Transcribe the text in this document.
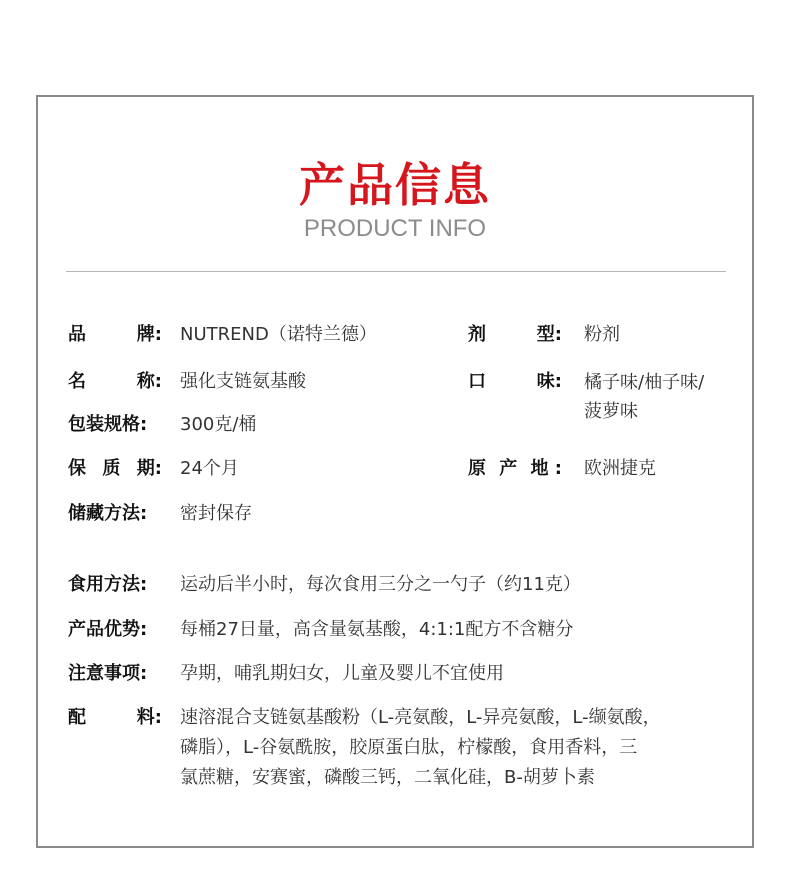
产品信息
PRODUCT INFO
品	牌: NUTREND（诺特兰德）
名	称: 强化支链氨基酸
包装规格: 300克/桶
保 质 期: 24个月
储藏方法: 密封保存
剂	型: 粉剂
口	味: 橘子味/柚子味/
菠萝味
原 产 地 : 欧洲捷克
食用方法: 运动后半小时，每次食用三分之一勺子（约11克）
产品优势: 每桶27日量，高含量氨基酸，4:1:1配方不含糖分
注意事项: 孕期，哺乳期妇女，儿童及婴儿不宜使用
配	料: 速溶混合支链氨基酸粉（L-亮氨酸，L-异亮氨酸，L-缬氨酸，
磷脂），L-谷氨酰胺，胶原蛋白肽，柠檬酸，食用香料，三
氯蔗糖，安赛蜜，磷酸三钙，二氧化硅，B-胡萝卜素
